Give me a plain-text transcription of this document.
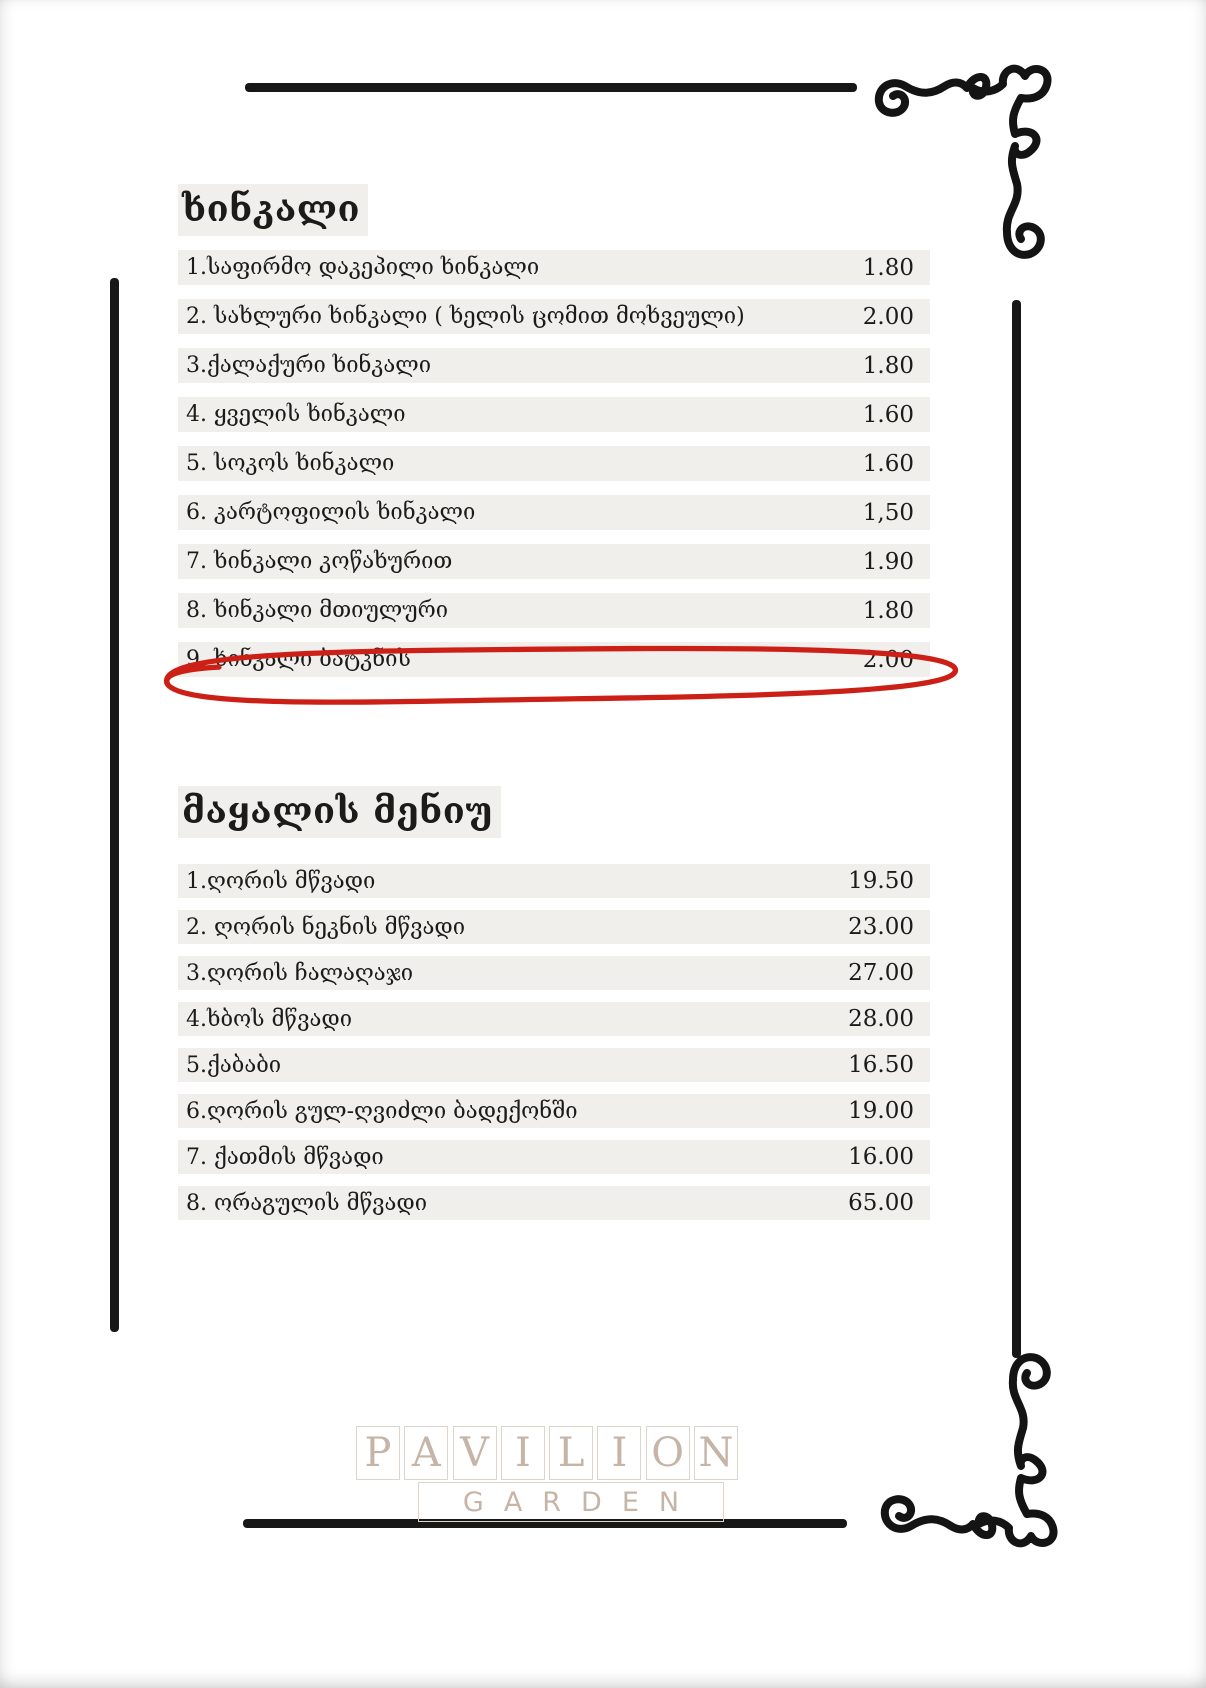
ხინკალი
1.საფირმო დაკეპილი ხინკალი	1.80
2. სახლური ხინკალი ( ხელის ცომით მოხვეული)	2.00
3.ქალაქური ხინკალი	1.80
4. ყველის ხინკალი	1.60
5. სოკოს ხინკალი	1.60
6. კარტოფილის ხინკალი	1,50
7. ხინკალი კოწახურით	1.90
8. ხინკალი მთიულური	1.80
9. ხინკალი ბატკნის	2.00
მაყალის მენიუ
1.ღორის მწვადი	19.50
2. ღორის ნეკნის მწვადი	23.00
3.ღორის ჩალაღაჯი	27.00
4.ხბოს მწვადი	28.00
5.ქაბაბი	16.50
6.ღორის გულ-ღვიძლი ბადექონში	19.00
7. ქათმის მწვადი	16.00
8. ორაგულის მწვადი	65.00
P A V I L I O N
GARDEN
